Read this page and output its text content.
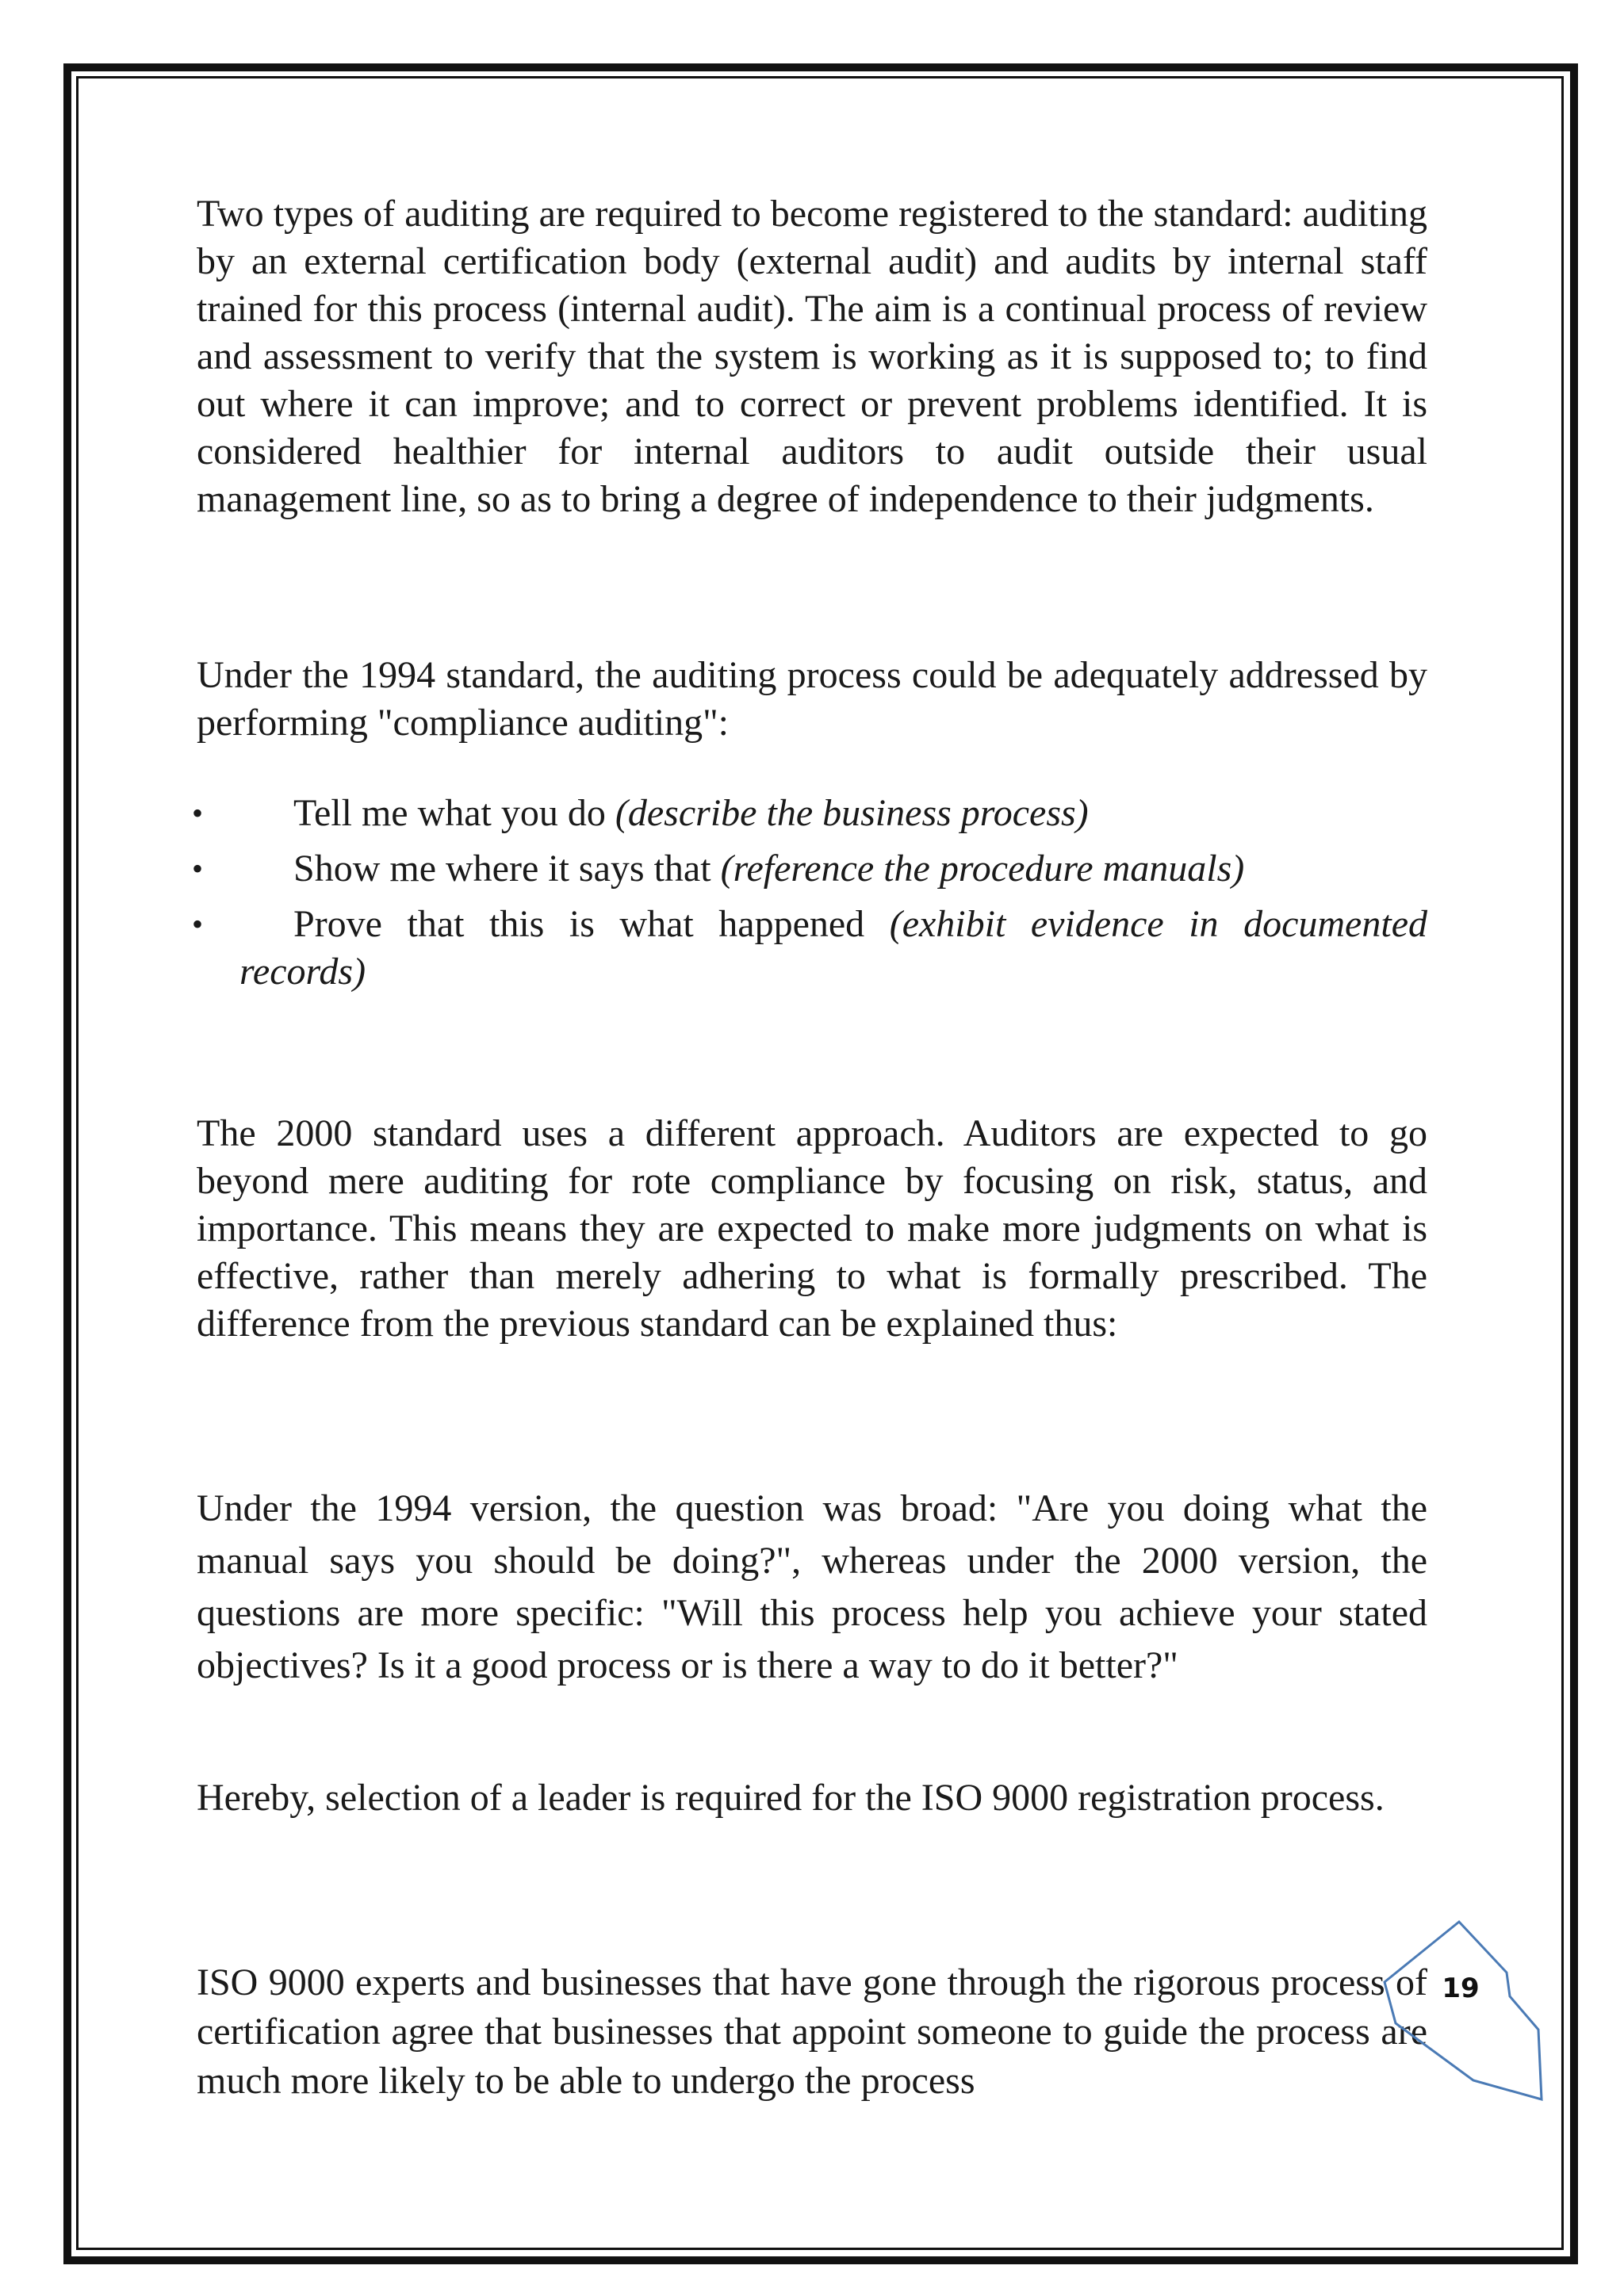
Two types of auditing are required to become registered to the standard: auditing by an external certification body (external audit) and audits by internal staff trained for this process (internal audit). The aim is a continual process of review and assessment to verify that the system is working as it is supposed to; to find out where it can improve; and to correct or prevent problems identified. It is considered healthier for internal auditors to audit outside their usual management line, so as to bring a degree of independence to their judgments.

Under the 1994 standard, the auditing process could be adequately addressed by performing "compliance auditing":

• Tell me what you do (describe the business process)
• Show me where it says that (reference the procedure manuals)
• Prove that this is what happened (exhibit evidence in documented
records)

The 2000 standard uses a different approach. Auditors are expected to go beyond mere auditing for rote compliance by focusing on risk, status, and importance. This means they are expected to make more judgments on what is effective, rather than merely adhering to what is formally prescribed. The difference from the previous standard can be explained thus:

Under the 1994 version, the question was broad: "Are you doing what the manual says you should be doing?", whereas under the 2000 version, the questions are more specific: "Will this process help you achieve your stated objectives? Is it a good process or is there a way to do it better?"

Hereby, selection of a leader is required for the ISO 9000 registration process.

ISO 9000 experts and businesses that have gone through the rigorous process of certification agree that businesses that appoint someone to guide the process are much more likely to be able to undergo the process

19
